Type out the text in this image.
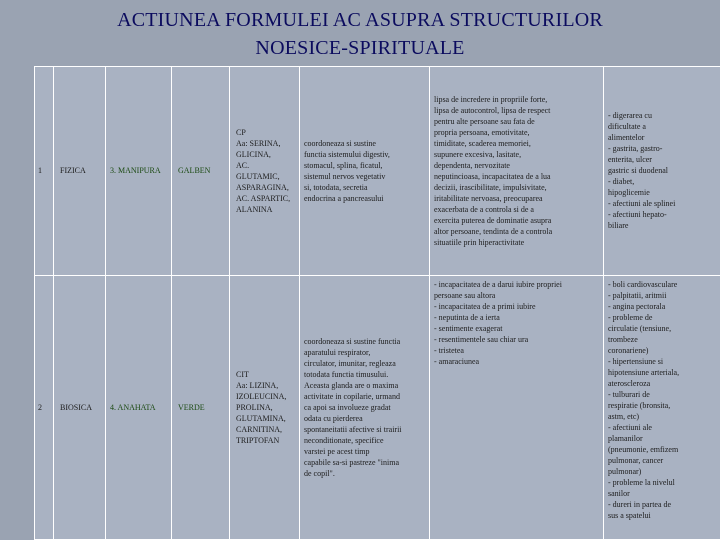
ACTIUNEA FORMULEI AC ASUPRA STRUCTURILOR
NOESICE-SPIRITUALE
1 FIZICA	3. MANIPURA GALBEN
CP
Aa: SERINA,
GLICINA,
AC.
GLUTAMIC,
ASPARAGINA,
AC. ASPARTIC,
ALANINA
coordoneaza si sustine
functia sistemului digestiv,
stomacul, splina, ficatul,
sistemul nervos vegetativ
si, totodata, secretia
endocrina a pancreasului
lipsa de incredere in propriile forte,
lipsa de autocontrol, lipsa de respect
pentru alte persoane sau fata de
propria persoana, emotivitate,
timiditate, scaderea memoriei,
supunere excesiva, lasitate,
dependenta, nervozitate
neputincioasa, incapacitatea de a lua
decizii, irascibilitate, impulsivitate,
iritabilitate nervoasa, preocuparea
exacerbata de a controla si de a
exercita puterea de dominatie asupra
altor persoane, tendinta de a controla
situatiile prin hiperactivitate
- digerarea cu
dificultate a
alimentelor
- gastrita, gastro-
enterita, ulcer
gastric si duodenal
- diabet,
hipoglicemie
- afectiuni ale splinei
- afectiuni hepato-
biliare
2 BIOSICA 4. ANAHATA	VERDE
CIT
Aa: LIZINA,
IZOLEUCINA,
PROLINA,
GLUTAMINA,
CARNITINA,
TRIPTOFAN
coordoneaza si sustine functia
aparatului respirator,
circulator, imunitar, regleaza
totodata functia timusului.
Aceasta glanda are o maxima
activitate in copilarie, urmand
ca apoi sa involueze gradat
odata cu pierderea
spontaneitatii afective si trairii
neconditionate, specifice
varstei pe acest timp
capabile sa-si pastreze "inima
de copil".
- incapacitatea de a darui iubire propriei
persoane sau altora
- incapacitatea de a primi iubire
- neputinta de a ierta
- sentimente exagerat
- resentimentele sau chiar ura
- tristetea
- amaraciunea
- boli cardiovasculare
- palpitatii, aritmii
- angina pectorala
- probleme de
circulatie (tensiune,
trombeze
coronariene)
- hipertensiune si
hipotensiune arteriala,
ateroscleroza
- tulburari de
respiratie (bronsita,
astm, etc)
- afectiuni ale
plamanilor
(pneumonie, emfizem
pulmonar, cancer
pulmonar)
- probleme la nivelul
sanilor
- dureri in partea de
sus a spatelui
